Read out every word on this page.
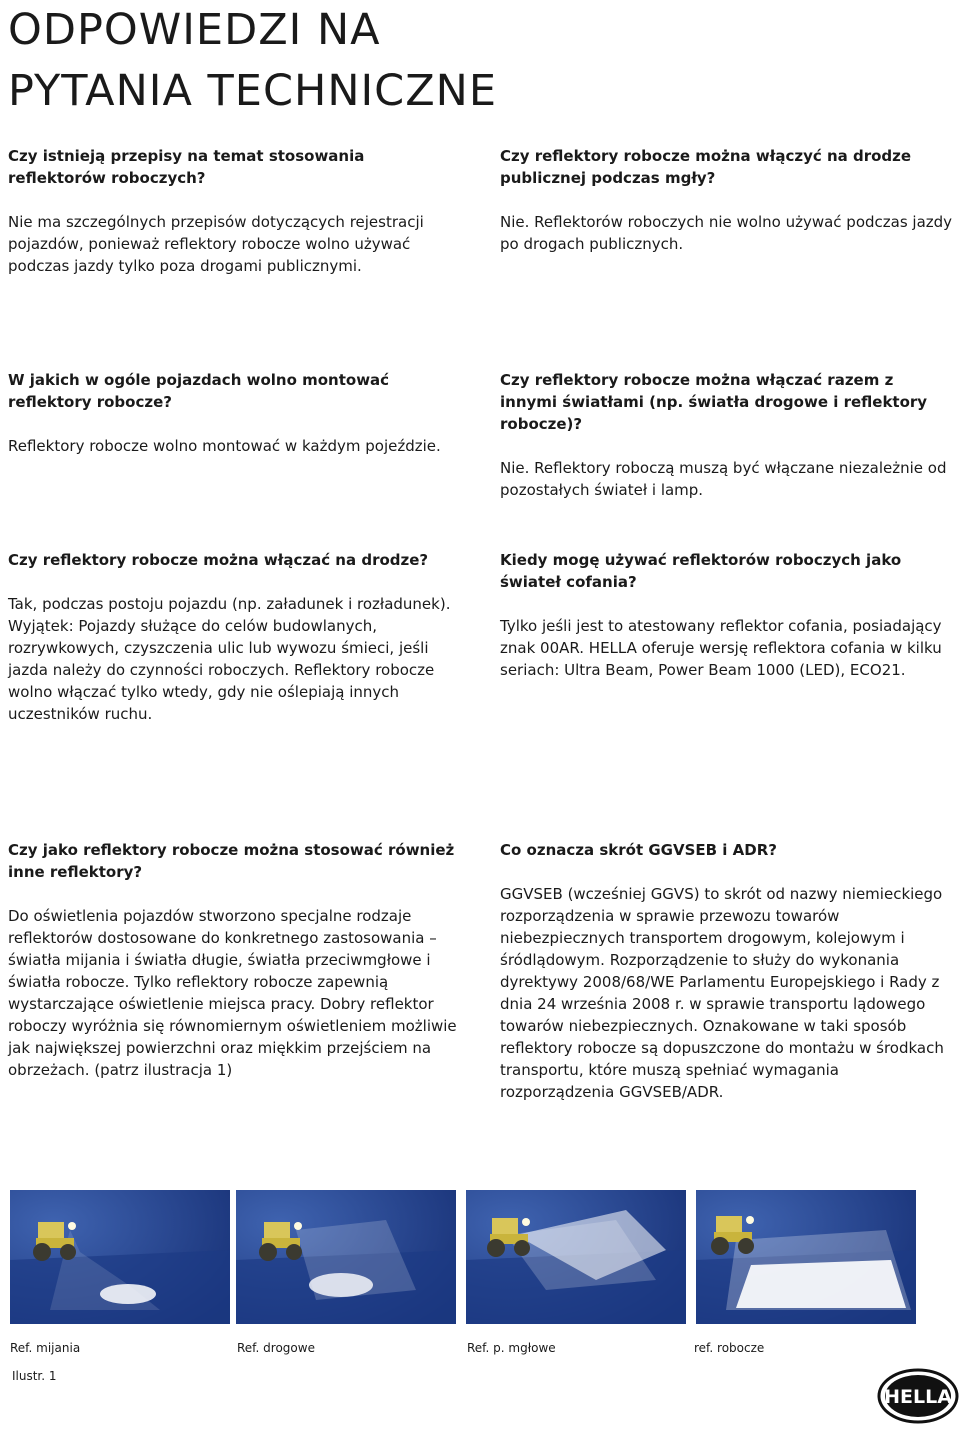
ODPOWIEDZI NA
PYTANIA TECHNICZNE

Czy istnieją przepisy na temat stosowania reflektorów roboczych?

Nie ma szczególnych przepisów dotyczących rejestracji pojazdów, ponieważ reflektory robocze wolno używać podczas jazdy tylko poza drogami publicznymi.

Czy reflektory robocze można włączyć na drodze publicznej podczas mgły?

Nie. Reflektorów roboczych nie wolno używać podczas jazdy po drogach publicznych.

W jakich w ogóle pojazdach wolno montować reflektory robocze?

Reflektory robocze wolno montować w każdym pojeździe.

Czy reflektory robocze można włączać razem z innymi światłami (np. światła drogowe i reflektory robocze)?

Nie. Reflektory roboczą muszą być włączane niezależnie od pozostałych świateł i lamp.

Czy reflektory robocze można włączać na drodze?

Tak, podczas postoju pojazdu (np. załadunek i rozładunek). Wyjątek: Pojazdy służące do celów budowlanych, rozrywkowych, czyszczenia ulic lub wywozu śmieci, jeśli jazda należy do czynności roboczych. Reflektory robocze wolno włączać tylko wtedy, gdy nie oślepiają innych uczestników ruchu.

Kiedy mogę używać reflektorów roboczych jako świateł cofania?

Tylko jeśli jest to atestowany reflektor cofania, posiadający znak 00AR. HELLA oferuje wersję reflektora cofania w kilku seriach: Ultra Beam, Power Beam 1000 (LED), ECO21.

Czy jako reflektory robocze można stosować również inne reflektory?

Do oświetlenia pojazdów stworzono specjalne rodzaje reflektorów dostosowane do konkretnego zastosowania – światła mijania i światła długie, światła przeciwmgłowe i światła robocze. Tylko reflektory robocze zapewnią wystarczające oświetlenie miejsca pracy. Dobry reflektor roboczy wyróżnia się równomiernym oświetleniem możliwie jak największej powierzchni oraz miękkim przejściem na obrzeżach. (patrz ilustracja 1)

Co oznacza skrót GGVSEB i ADR?

GGVSEB (wcześniej GGVS) to skrót od nazwy niemieckiego rozporządzenia w sprawie przewozu towarów niebezpiecznych transportem drogowym, kolejowym i śródlądowym. Rozporządzenie to służy do wykonania dyrektywy 2008/68/WE Parlamentu Europejskiego i Rady z dnia 24 września 2008 r. w sprawie transportu lądowego towarów niebezpiecznych. Oznakowane w taki sposób reflektory robocze są dopuszczone do montażu w środkach transportu, które muszą spełniać wymagania rozporządzenia GGVSEB/ADR.

Ref. mijania	Ref. drogowe	Ref. p. mgłowe	ref. robocze
Ilustr. 1
HELLA
